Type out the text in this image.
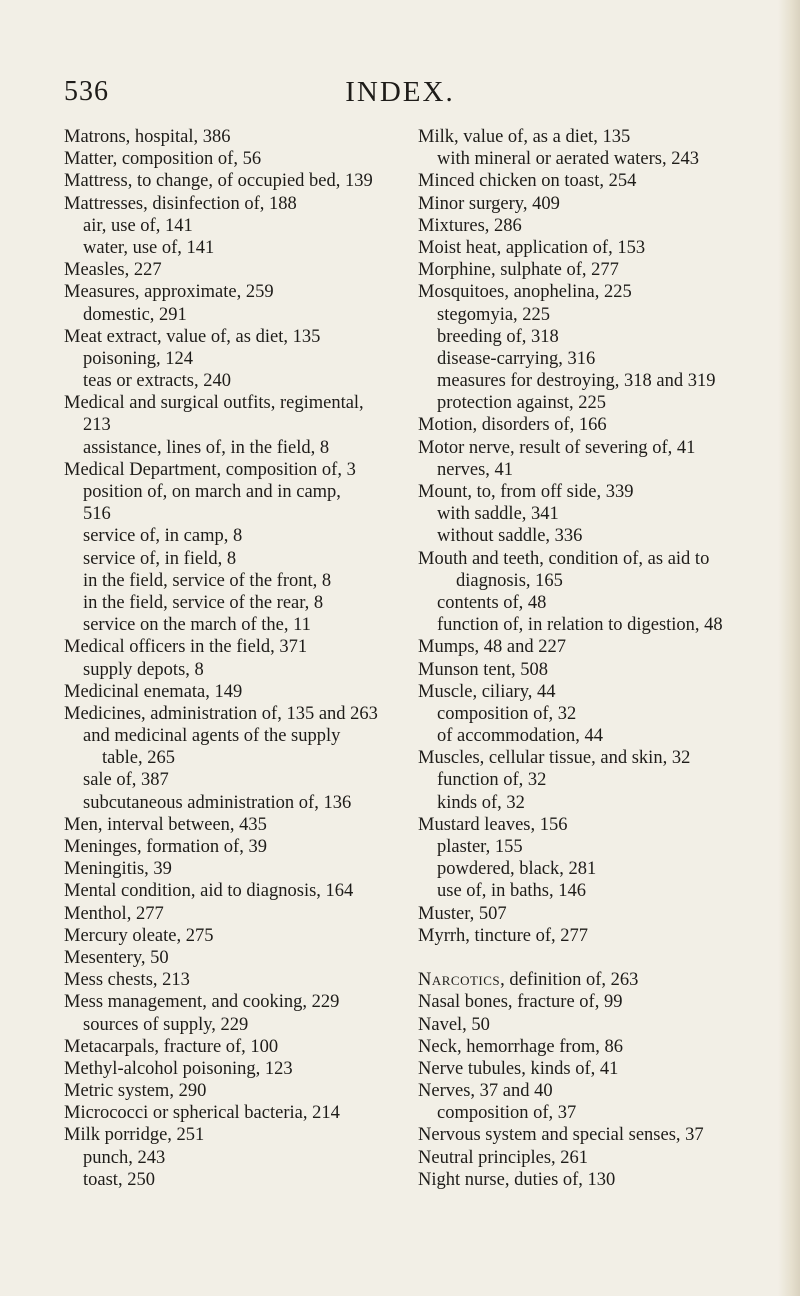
536	INDEX.
Matrons, hospital, 386
Matter, composition of, 56
Mattress, to change, of occupied bed, 139
Mattresses, disinfection of, 188
air, use of, 141
water, use of, 141
Measles, 227
Measures, approximate, 259
domestic, 291
Meat extract, value of, as diet, 135
poisoning, 124
teas or extracts, 240
Medical and surgical outfits, regimental,
213
assistance, lines of, in the field, 8
Medical Department, composition of, 3
position of, on march and in camp,
516
service of, in camp, 8
service of, in field, 8
in the field, service of the front, 8
in the field, service of the rear, 8
service on the march of the, 11
Medical officers in the field, 371
supply depots, 8
Medicinal enemata, 149
Medicines, administration of, 135 and 263
and medicinal agents of the supply
table, 265
sale of, 387
subcutaneous administration of, 136
Men, interval between, 435
Meninges, formation of, 39
Meningitis, 39
Mental condition, aid to diagnosis, 164
Menthol, 277
Mercury oleate, 275
Mesentery, 50
Mess chests, 213
Mess management, and cooking, 229
sources of supply, 229
Metacarpals, fracture of, 100
Methyl-alcohol poisoning, 123
Metric system, 290
Micrococci or spherical bacteria, 214
Milk porridge, 251
punch, 243
toast, 250
Milk, value of, as a diet, 135
with mineral or aerated waters, 243
Minced chicken on toast, 254
Minor surgery, 409
Mixtures, 286
Moist heat, application of, 153
Morphine, sulphate of, 277
Mosquitoes, anophelina, 225
stegomyia, 225
breeding of, 318
disease-carrying, 316
measures for destroying, 318 and 319
protection against, 225
Motion, disorders of, 166
Motor nerve, result of severing of, 41
nerves, 41
Mount, to, from off side, 339
with saddle, 341
without saddle, 336
Mouth and teeth, condition of, as aid to
diagnosis, 165
contents of, 48
function of, in relation to digestion, 48
Mumps, 48 and 227
Munson tent, 508
Muscle, ciliary, 44
composition of, 32
of accommodation, 44
Muscles, cellular tissue, and skin, 32
function of, 32
kinds of, 32
Mustard leaves, 156
plaster, 155
powdered, black, 281
use of, in baths, 146
Muster, 507
Myrrh, tincture of, 277
Narcotics, definition of, 263
Nasal bones, fracture of, 99
Navel, 50
Neck, hemorrhage from, 86
Nerve tubules, kinds of, 41
Nerves, 37 and 40
composition of, 37
Nervous system and special senses, 37
Neutral principles, 261
Night nurse, duties of, 130
